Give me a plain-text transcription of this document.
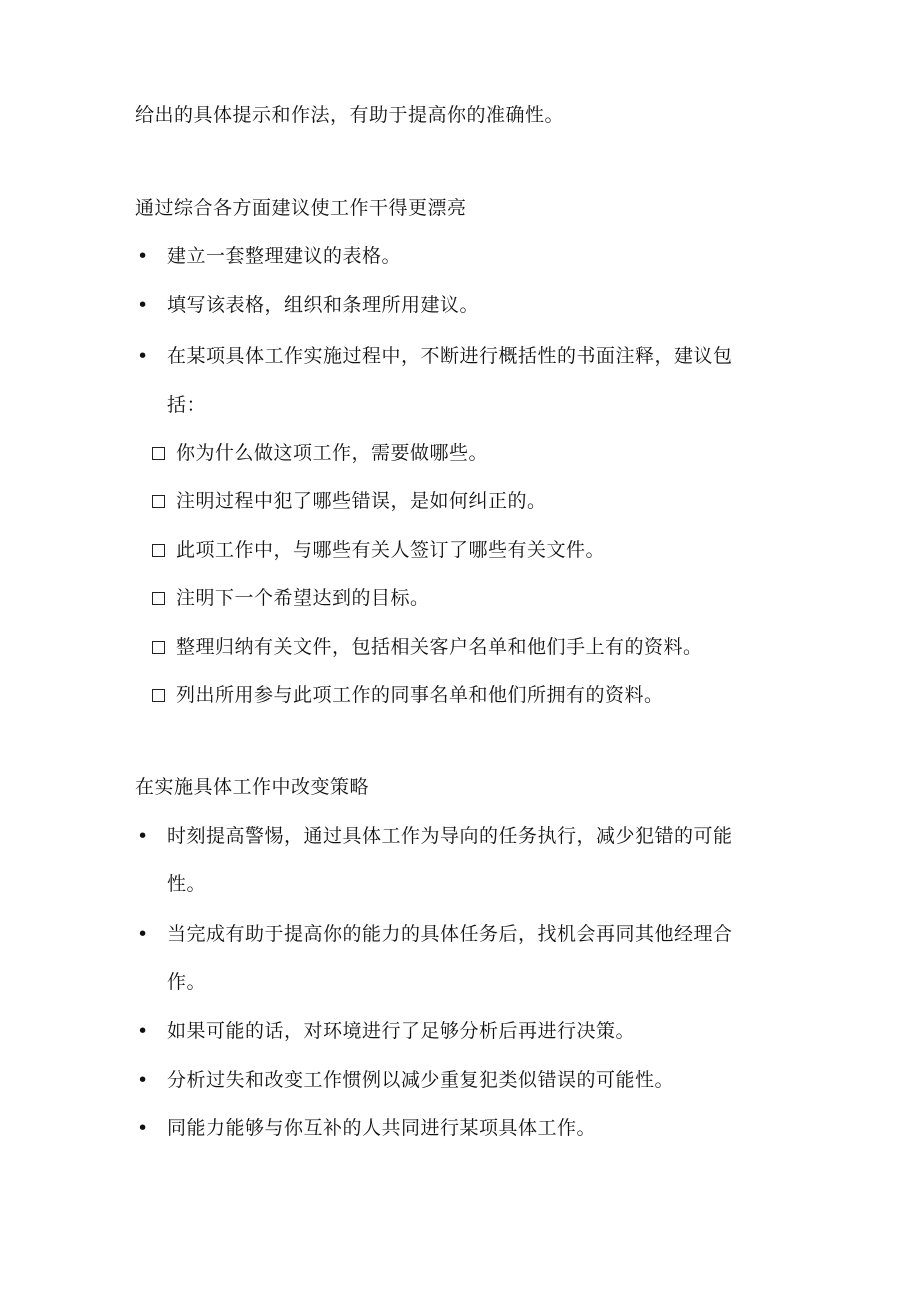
给出的具体提示和作法，有助于提高你的准确性。
通过综合各方面建议使工作干得更漂亮
• 建立一套整理建议的表格。
• 填写该表格，组织和条理所用建议。
• 在某项具体工作实施过程中，不断进行概括性的书面注释，建议包
括：
你为什么做这项工作，需要做哪些。
注明过程中犯了哪些错误，是如何纠正的。
此项工作中，与哪些有关人签订了哪些有关文件。
注明下一个希望达到的目标。
整理归纳有关文件，包括相关客户名单和他们手上有的资料。
列出所用参与此项工作的同事名单和他们所拥有的资料。
在实施具体工作中改变策略
• 时刻提高警惕，通过具体工作为导向的任务执行，减少犯错的可能
性。
• 当完成有助于提高你的能力的具体任务后，找机会再同其他经理合
作。
• 如果可能的话，对环境进行了足够分析后再进行决策。
• 分析过失和改变工作惯例以减少重复犯类似错误的可能性。
• 同能力能够与你互补的人共同进行某项具体工作。
